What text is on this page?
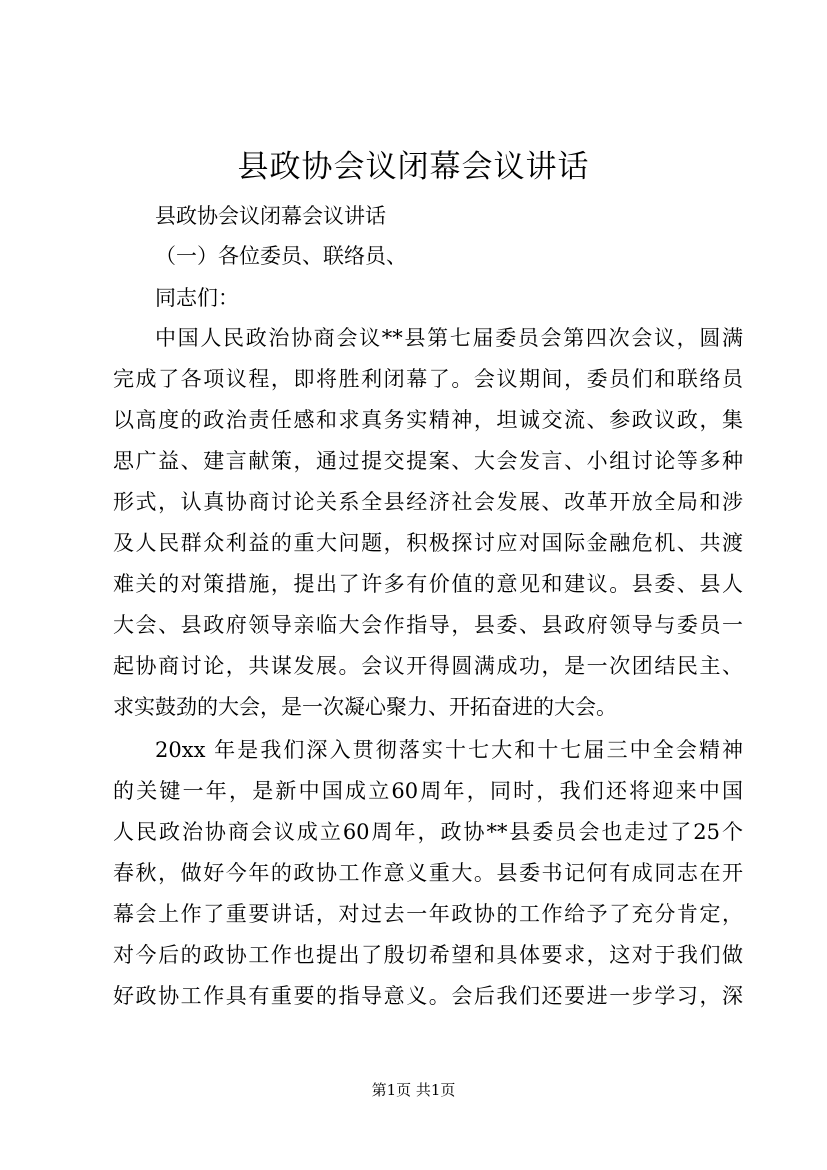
县政协会议闭幕会议讲话
县政协会议闭幕会议讲话
（一）各位委员、联络员、
同志们：
中国人民政治协商会议**县第七届委员会第四次会议，圆满
完成了各项议程，即将胜利闭幕了。会议期间，委员们和联络员
以高度的政治责任感和求真务实精神，坦诚交流、参政议政，集
思广益、建言献策，通过提交提案、大会发言、小组讨论等多种
形式，认真协商讨论关系全县经济社会发展、改革开放全局和涉
及人民群众利益的重大问题，积极探讨应对国际金融危机、共渡
难关的对策措施，提出了许多有价值的意见和建议。县委、县人
大会、县政府领导亲临大会作指导，县委、县政府领导与委员一
起协商讨论，共谋发展。会议开得圆满成功，是一次团结民主、
求实鼓劲的大会，是一次凝心聚力、开拓奋进的大会。
20xx 年是我们深入贯彻落实十七大和十七届三中全会精神
的关键一年，是新中国成立60周年，同时，我们还将迎来中国
人民政治协商会议成立60周年，政协**县委员会也走过了25个
春秋，做好今年的政协工作意义重大。县委书记何有成同志在开
幕会上作了重要讲话，对过去一年政协的工作给予了充分肯定，
对今后的政协工作也提出了殷切希望和具体要求，这对于我们做
好政协工作具有重要的指导意义。会后我们还要进一步学习，深
第1页 共1页
